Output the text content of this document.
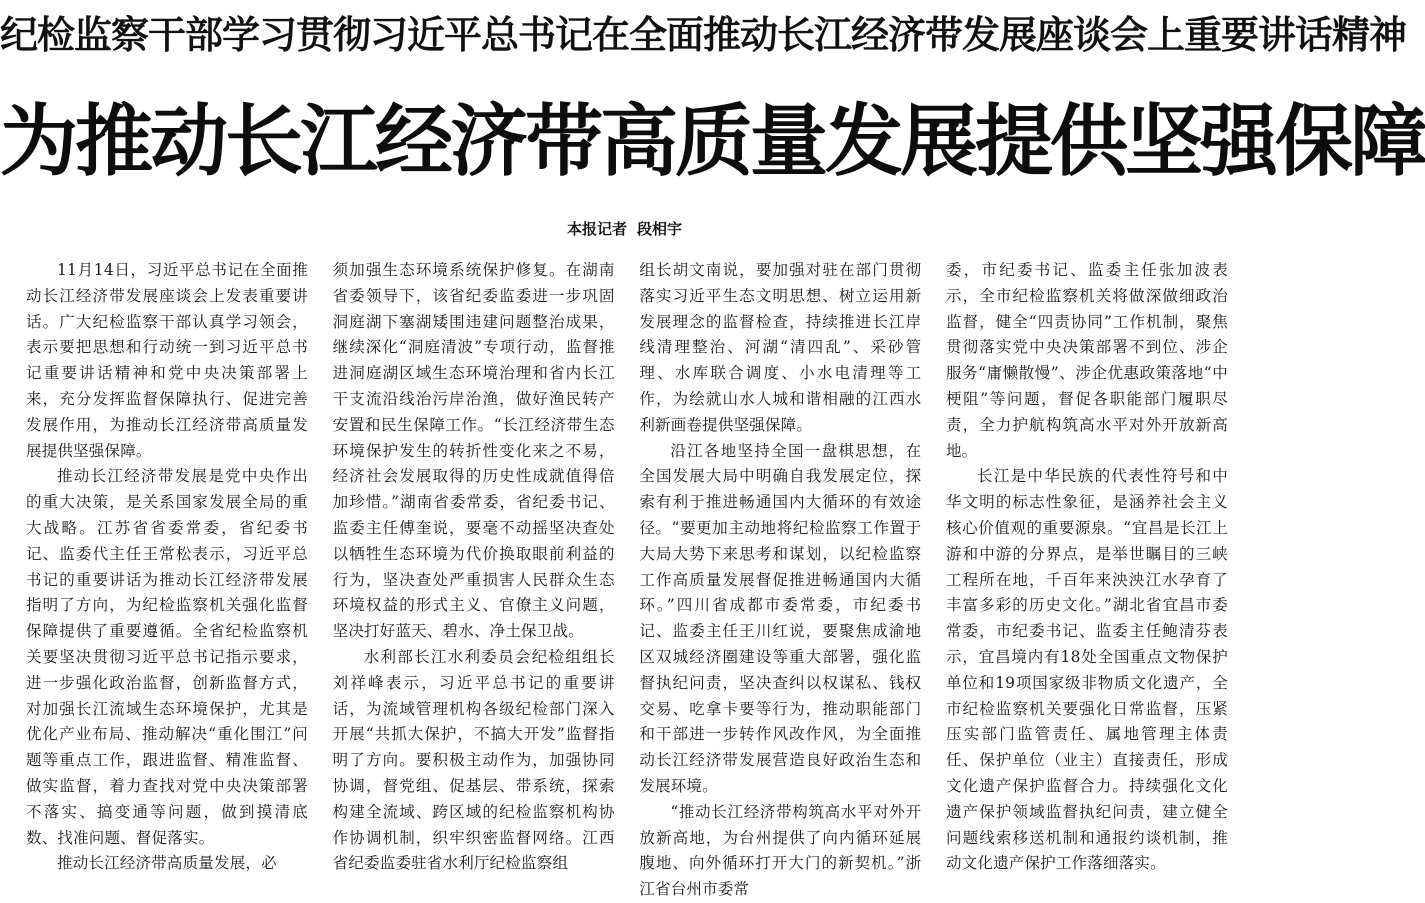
纪检监察干部学习贯彻习近平总书记在全面推动长江经济带发展座谈会上重要讲话精神
为推动长江经济带高质量发展提供坚强保障
本报记者 段相宇

11月14日，习近平总书记在全面推动长江经济带发展座谈会上发表重要讲话。广大纪检监察干部认真学习领会，表示要把思想和行动统一到习近平总书记重要讲话精神和党中央决策部署上来，充分发挥监督保障执行、促进完善发展作用，为推动长江经济带高质量发展提供坚强保障。

推动长江经济带发展是党中央作出的重大决策，是关系国家发展全局的重大战略。江苏省省委常委，省纪委书记、监委代主任王常松表示，习近平总书记的重要讲话为推动长江经济带发展指明了方向，为纪检监察机关强化监督保障提供了重要遵循。全省纪检监察机关要坚决贯彻习近平总书记指示要求，进一步强化政治监督，创新监督方式，对加强长江流域生态环境保护，尤其是优化产业布局、推动解决“重化围江”问题等重点工作，跟进监督、精准监督、做实监督，着力查找对党中央决策部署不落实、搞变通等问题，做到摸清底数、找准问题、督促落实。

推动长江经济带高质量发展，必

须加强生态环境系统保护修复。在湖南省委领导下，该省纪委监委进一步巩固洞庭湖下塞湖矮围违建问题整治成果，继续深化“洞庭清波”专项行动，监督推进洞庭湖区域生态环境治理和省内长江干支流沿线治污岸治渔，做好渔民转产安置和民生保障工作。“长江经济带生态环境保护发生的转折性变化来之不易，经济社会发展取得的历史性成就值得倍加珍惜。”湖南省委常委，省纪委书记、监委主任傅奎说，要毫不动摇坚决查处以牺牲生态环境为代价换取眼前利益的行为，坚决查处严重损害人民群众生态环境权益的形式主义、官僚主义问题，坚决打好蓝天、碧水、净土保卫战。

水利部长江水利委员会纪检组组长刘祥峰表示，习近平总书记的重要讲话，为流域管理机构各级纪检部门深入开展“共抓大保护，不搞大开发”监督指明了方向。要积极主动作为，加强协同协调，督党组、促基层、带系统，探索构建全流域、跨区域的纪检监察机构协作协调机制，织牢织密监督网络。江西省纪委监委驻省水利厅纪检监察组

组长胡文南说，要加强对驻在部门贯彻落实习近平生态文明思想、树立运用新发展理念的监督检查，持续推进长江岸线清理整治、河湖“清四乱”、采砂管理、水库联合调度、小水电清理等工作，为绘就山水人城和谐相融的江西水利新画卷提供坚强保障。

沿江各地坚持全国一盘棋思想，在全国发展大局中明确自我发展定位，探索有利于推进畅通国内大循环的有效途径。“要更加主动地将纪检监察工作置于大局大势下来思考和谋划，以纪检监察工作高质量发展督促推进畅通国内大循环。”四川省成都市委常委，市纪委书记、监委主任王川红说，要聚焦成渝地区双城经济圈建设等重大部署，强化监督执纪问责，坚决查纠以权谋私、钱权交易、吃拿卡要等行为，推动职能部门和干部进一步转作风改作风，为全面推动长江经济带发展营造良好政治生态和发展环境。

“推动长江经济带构筑高水平对外开放新高地，为台州提供了向内循环延展腹地、向外循环打开大门的新契机。”浙江省台州市委常

委，市纪委书记、监委主任张加波表示，全市纪检监察机关将做深做细政治监督，健全“四责协同”工作机制，聚焦贯彻落实党中央决策部署不到位、涉企服务“庸懒散慢”、涉企优惠政策落地“中梗阻”等问题，督促各职能部门履职尽责，全力护航构筑高水平对外开放新高地。

长江是中华民族的代表性符号和中华文明的标志性象征，是涵养社会主义核心价值观的重要源泉。“宜昌是长江上游和中游的分界点，是举世瞩目的三峡工程所在地，千百年来泱泱江水孕育了丰富多彩的历史文化。”湖北省宜昌市委常委，市纪委书记、监委主任鲍清芬表示，宜昌境内有18处全国重点文物保护单位和19项国家级非物质文化遗产，全市纪检监察机关要强化日常监督，压紧压实部门监管责任、属地管理主体责任、保护单位（业主）直接责任，形成文化遗产保护监督合力。持续强化文化遗产保护领域监督执纪问责，建立健全问题线索移送机制和通报约谈机制，推动文化遗产保护工作落细落实。
